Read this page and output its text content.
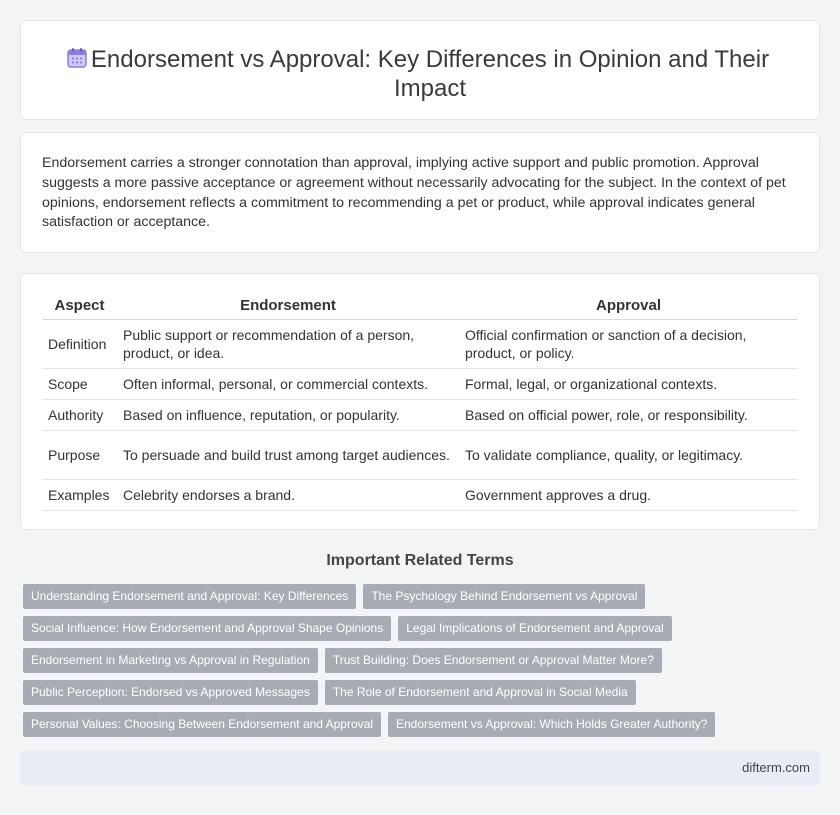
Endorsement vs Approval: Key Differences in Opinion and Their Impact

Endorsement carries a stronger connotation than approval, implying active support and public promotion. Approval suggests a more passive acceptance or agreement without necessarily advocating for the subject. In the context of pet opinions, endorsement reflects a commitment to recommending a pet or product, while approval indicates general satisfaction or acceptance.

Aspect	Endorsement	Approval
Definition	Public support or recommendation of a person, product, or idea.	Official confirmation or sanction of a decision, product, or policy.
Scope	Often informal, personal, or commercial contexts.	Formal, legal, or organizational contexts.
Authority	Based on influence, reputation, or popularity.	Based on official power, role, or responsibility.
Purpose	To persuade and build trust among target audiences.	To validate compliance, quality, or legitimacy.
Examples	Celebrity endorses a brand.	Government approves a drug.
Important Related Terms
Understanding Endorsement and Approval: Key Differences	The Psychology Behind Endorsement vs Approval
Social Influence: How Endorsement and Approval Shape Opinions	Legal Implications of Endorsement and Approval
Endorsement in Marketing vs Approval in Regulation	Trust Building: Does Endorsement or Approval Matter More?
Public Perception: Endorsed vs Approved Messages	The Role of Endorsement and Approval in Social Media
Personal Values: Choosing Between Endorsement and Approval	Endorsement vs Approval: Which Holds Greater Authority?
difterm.com
